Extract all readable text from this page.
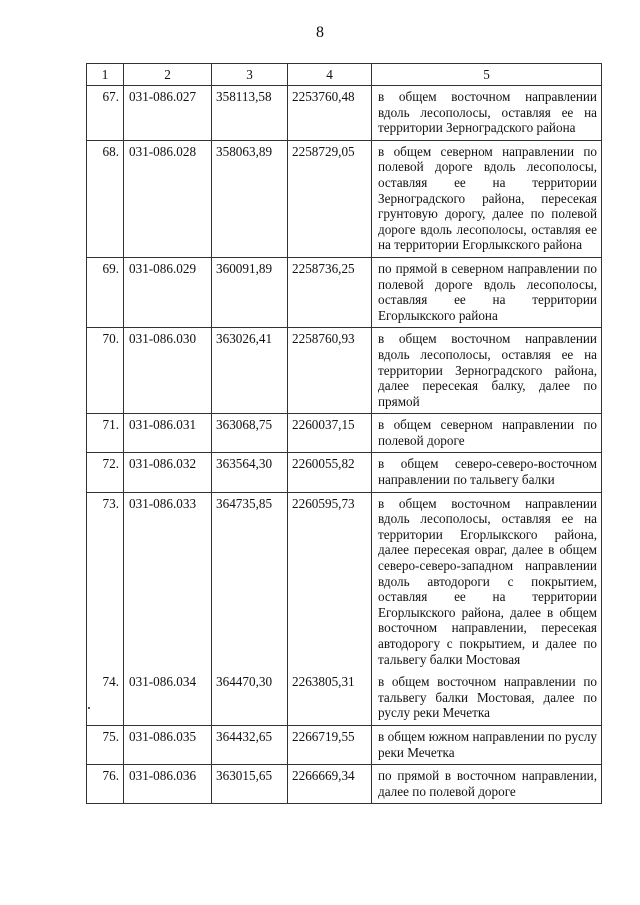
8
1	2	3	4	5
67.	031-086.027	358113,58	2253760,48	в общем восточном направлении вдоль лесополосы, оставляя ее на территории Зерноградского района
68.	031-086.028	358063,89	2258729,05	в общем северном направлении по полевой дороге вдоль лесополосы, оставляя ее на территории Зерноградского района, пересекая грунтовую дорогу, далее по полевой дороге вдоль лесополосы, оставляя ее на территории Егорлыкского района
69.	031-086.029	360091,89	2258736,25	по прямой в северном направлении по полевой дороге вдоль лесополосы, оставляя ее на территории Егорлыкского района
70.	031-086.030	363026,41	2258760,93	в общем восточном направлении вдоль лесополосы, оставляя ее на территории Зерноградского района, далее пересекая балку, далее по прямой
71.	031-086.031	363068,75	2260037,15	в общем северном направлении по полевой дороге
72.	031-086.032	363564,30	2260055,82	в общем северо-северо-восточном направлении по тальвегу балки
73.	031-086.033	364735,85	2260595,73	в общем восточном направлении вдоль лесополосы, оставляя ее на территории Егорлыкского района, далее пересекая овраг, далее в общем северо-северо-западном направлении вдоль автодороги с покрытием, оставляя ее на территории Егорлыкского района, далее в общем восточном направлении, пересекая автодорогу с покрытием, и далее по тальвегу балки Мостовая
74.	031-086.034	364470,30	2263805,31	в общем восточном направлении по тальвегу балки Мостовая, далее по руслу реки Мечетка
75.	031-086.035	364432,65	2266719,55	в общем южном направлении по руслу реки Мечетка
76.	031-086.036	363015,65	2266669,34	по прямой в восточном направлении, далее по полевой дороге
